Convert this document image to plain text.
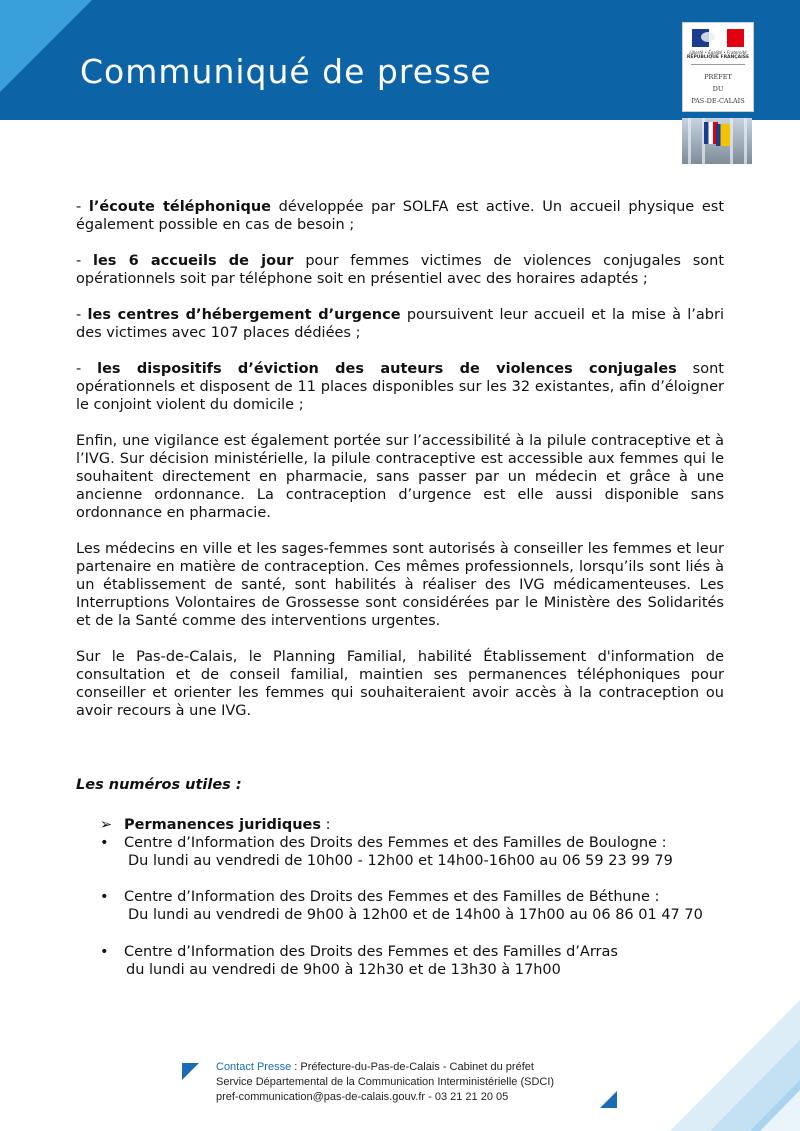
Communiqué de presse	Liberté • Égalité • Fraternité
RÉPUBLIQUE FRANÇAISE
PRÉFET
DU
PAS-DE-CALAIS

- l’écoute téléphonique développée par SOLFA est active. Un accueil physique est également possible en cas de besoin ;

- les 6 accueils de jour pour femmes victimes de violences conjugales sont opérationnels soit par téléphone soit en présentiel avec des horaires adaptés ;

- les centres d’hébergement d’urgence poursuivent leur accueil et la mise à l’abri des victimes avec 107 places dédiées ;

- les dispositifs d’éviction des auteurs de violences conjugales sont opérationnels et disposent de 11 places disponibles sur les 32 existantes, afin d’éloigner le conjoint violent du domicile ;

Enfin, une vigilance est également portée sur l’accessibilité à la pilule contraceptive et à l’IVG. Sur décision ministérielle, la pilule contraceptive est accessible aux femmes qui le souhaitent directement en pharmacie, sans passer par un médecin et grâce à une ancienne ordonnance. La contraception d’urgence est elle aussi disponible sans ordonnance en pharmacie.

Les médecins en ville et les sages-femmes sont autorisés à conseiller les femmes et leur partenaire en matière de contraception. Ces mêmes professionnels, lorsqu’ils sont liés à un établissement de santé, sont habilités à réaliser des IVG médicamenteuses. Les Interruptions Volontaires de Grossesse sont considérées par le Ministère des Solidarités et de la Santé comme des interventions urgentes.

Sur le Pas-de-Calais, le Planning Familial, habilité Établissement d'information de consultation et de conseil familial, maintien ses permanences téléphoniques pour conseiller et orienter les femmes qui souhaiteraient avoir accès à la contraception ou avoir recours à une IVG.

Les numéros utiles :

➢ Permanences juridiques :
• Centre d’Information des Droits des Femmes et des Familles de Boulogne :
Du lundi au vendredi de 10h00 - 12h00 et 14h00-16h00 au 06 59 23 99 79
• Centre d’Information des Droits des Femmes et des Familles de Béthune :
Du lundi au vendredi de 9h00 à 12h00 et de 14h00 à 17h00 au 06 86 01 47 70
• Centre d’Information des Droits des Femmes et des Familles d’Arras
du lundi au vendredi de 9h00 à 12h30 et de 13h30 à 17h00
Contact Presse : Préfecture-du-Pas-de-Calais - Cabinet du préfet
Service Départemental de la Communication Interministérielle (SDCI)
pref-communication@pas-de-calais.gouv.fr - 03 21 21 20 05
